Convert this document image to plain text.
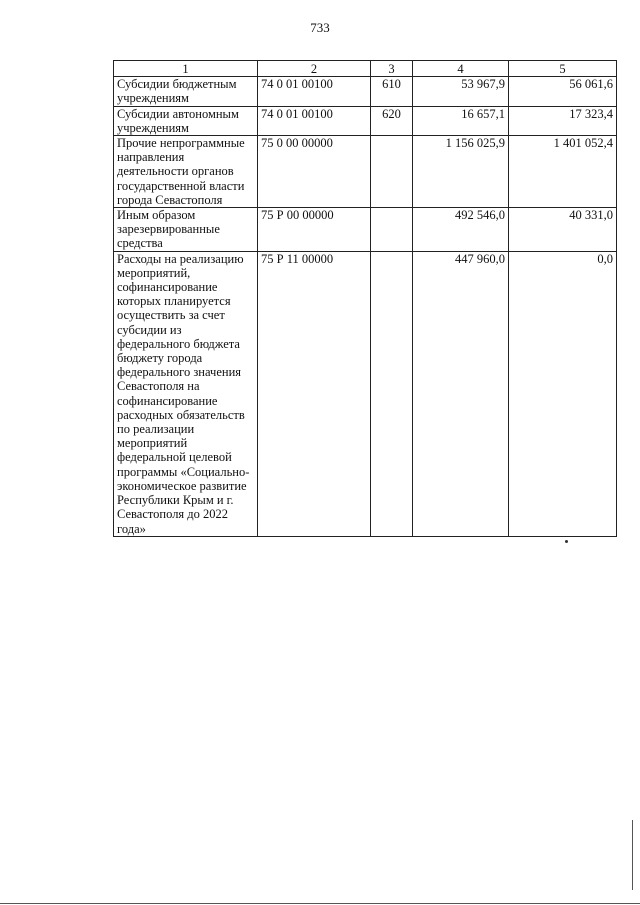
733
1	2	3	4	5
Субсидии бюджетным учреждениям	74 0 01 00100	610	53 967,9	56 061,6
Субсидии автономным учреждениям	74 0 01 00100	620	16 657,1	17 323,4
Прочие непрограммные направления деятельности органов государственной власти города Севастополя	75 0 00 00000		1 156 025,9	1 401 052,4
Иным образом зарезервированные средства	75 Р 00 00000		492 546,0	40 331,0
Расходы на реализацию мероприятий, софинансирование которых планируется осуществить за счет субсидии из федерального бюджета бюджету города федерального значения Севастополя на софинансирование расходных обязательств по реализации мероприятий федеральной целевой программы «Социально-экономическое развитие Республики Крым и г. Севастополя до 2022 года»	75 Р 11 00000		447 960,0	0,0
